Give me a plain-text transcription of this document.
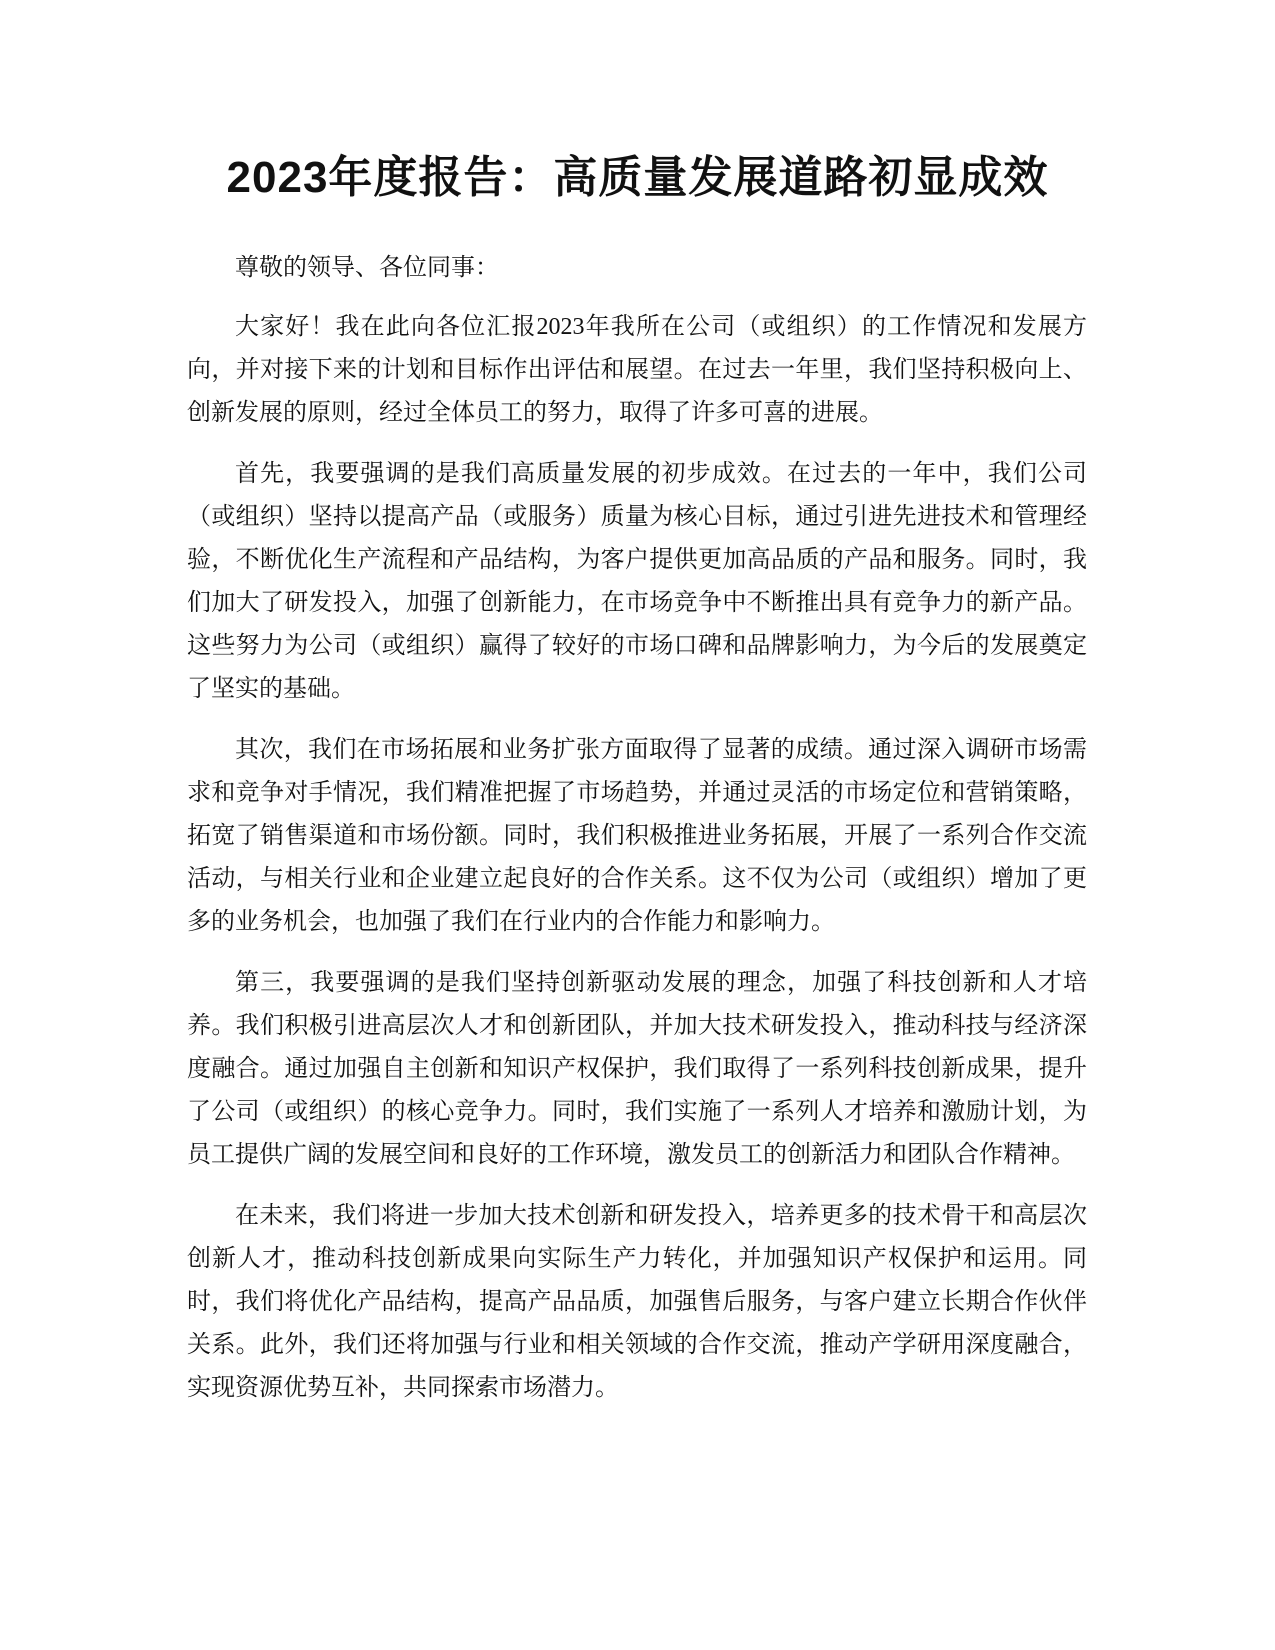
2023年度报告：高质量发展道路初显成效

尊敬的领导、各位同事：

大家好！我在此向各位汇报2023年我所在公司（或组织）的工作情况和发展方向，并对接下来的计划和目标作出评估和展望。在过去一年里，我们坚持积极向上、创新发展的原则，经过全体员工的努力，取得了许多可喜的进展。

首先，我要强调的是我们高质量发展的初步成效。在过去的一年中，我们公司（或组织）坚持以提高产品（或服务）质量为核心目标，通过引进先进技术和管理经验，不断优化生产流程和产品结构，为客户提供更加高品质的产品和服务。同时，我们加大了研发投入，加强了创新能力，在市场竞争中不断推出具有竞争力的新产品。这些努力为公司（或组织）赢得了较好的市场口碑和品牌影响力，为今后的发展奠定了坚实的基础。

其次，我们在市场拓展和业务扩张方面取得了显著的成绩。通过深入调研市场需求和竞争对手情况，我们精准把握了市场趋势，并通过灵活的市场定位和营销策略，拓宽了销售渠道和市场份额。同时，我们积极推进业务拓展，开展了一系列合作交流活动，与相关行业和企业建立起良好的合作关系。这不仅为公司（或组织）增加了更多的业务机会，也加强了我们在行业内的合作能力和影响力。

第三，我要强调的是我们坚持创新驱动发展的理念，加强了科技创新和人才培养。我们积极引进高层次人才和创新团队，并加大技术研发投入，推动科技与经济深度融合。通过加强自主创新和知识产权保护，我们取得了一系列科技创新成果，提升了公司（或组织）的核心竞争力。同时，我们实施了一系列人才培养和激励计划，为员工提供广阔的发展空间和良好的工作环境，激发员工的创新活力和团队合作精神。

在未来，我们将进一步加大技术创新和研发投入，培养更多的技术骨干和高层次创新人才，推动科技创新成果向实际生产力转化，并加强知识产权保护和运用。同时，我们将优化产品结构，提高产品品质，加强售后服务，与客户建立长期合作伙伴关系。此外，我们还将加强与行业和相关领域的合作交流，推动产学研用深度融合，实现资源优势互补，共同探索市场潜力。
